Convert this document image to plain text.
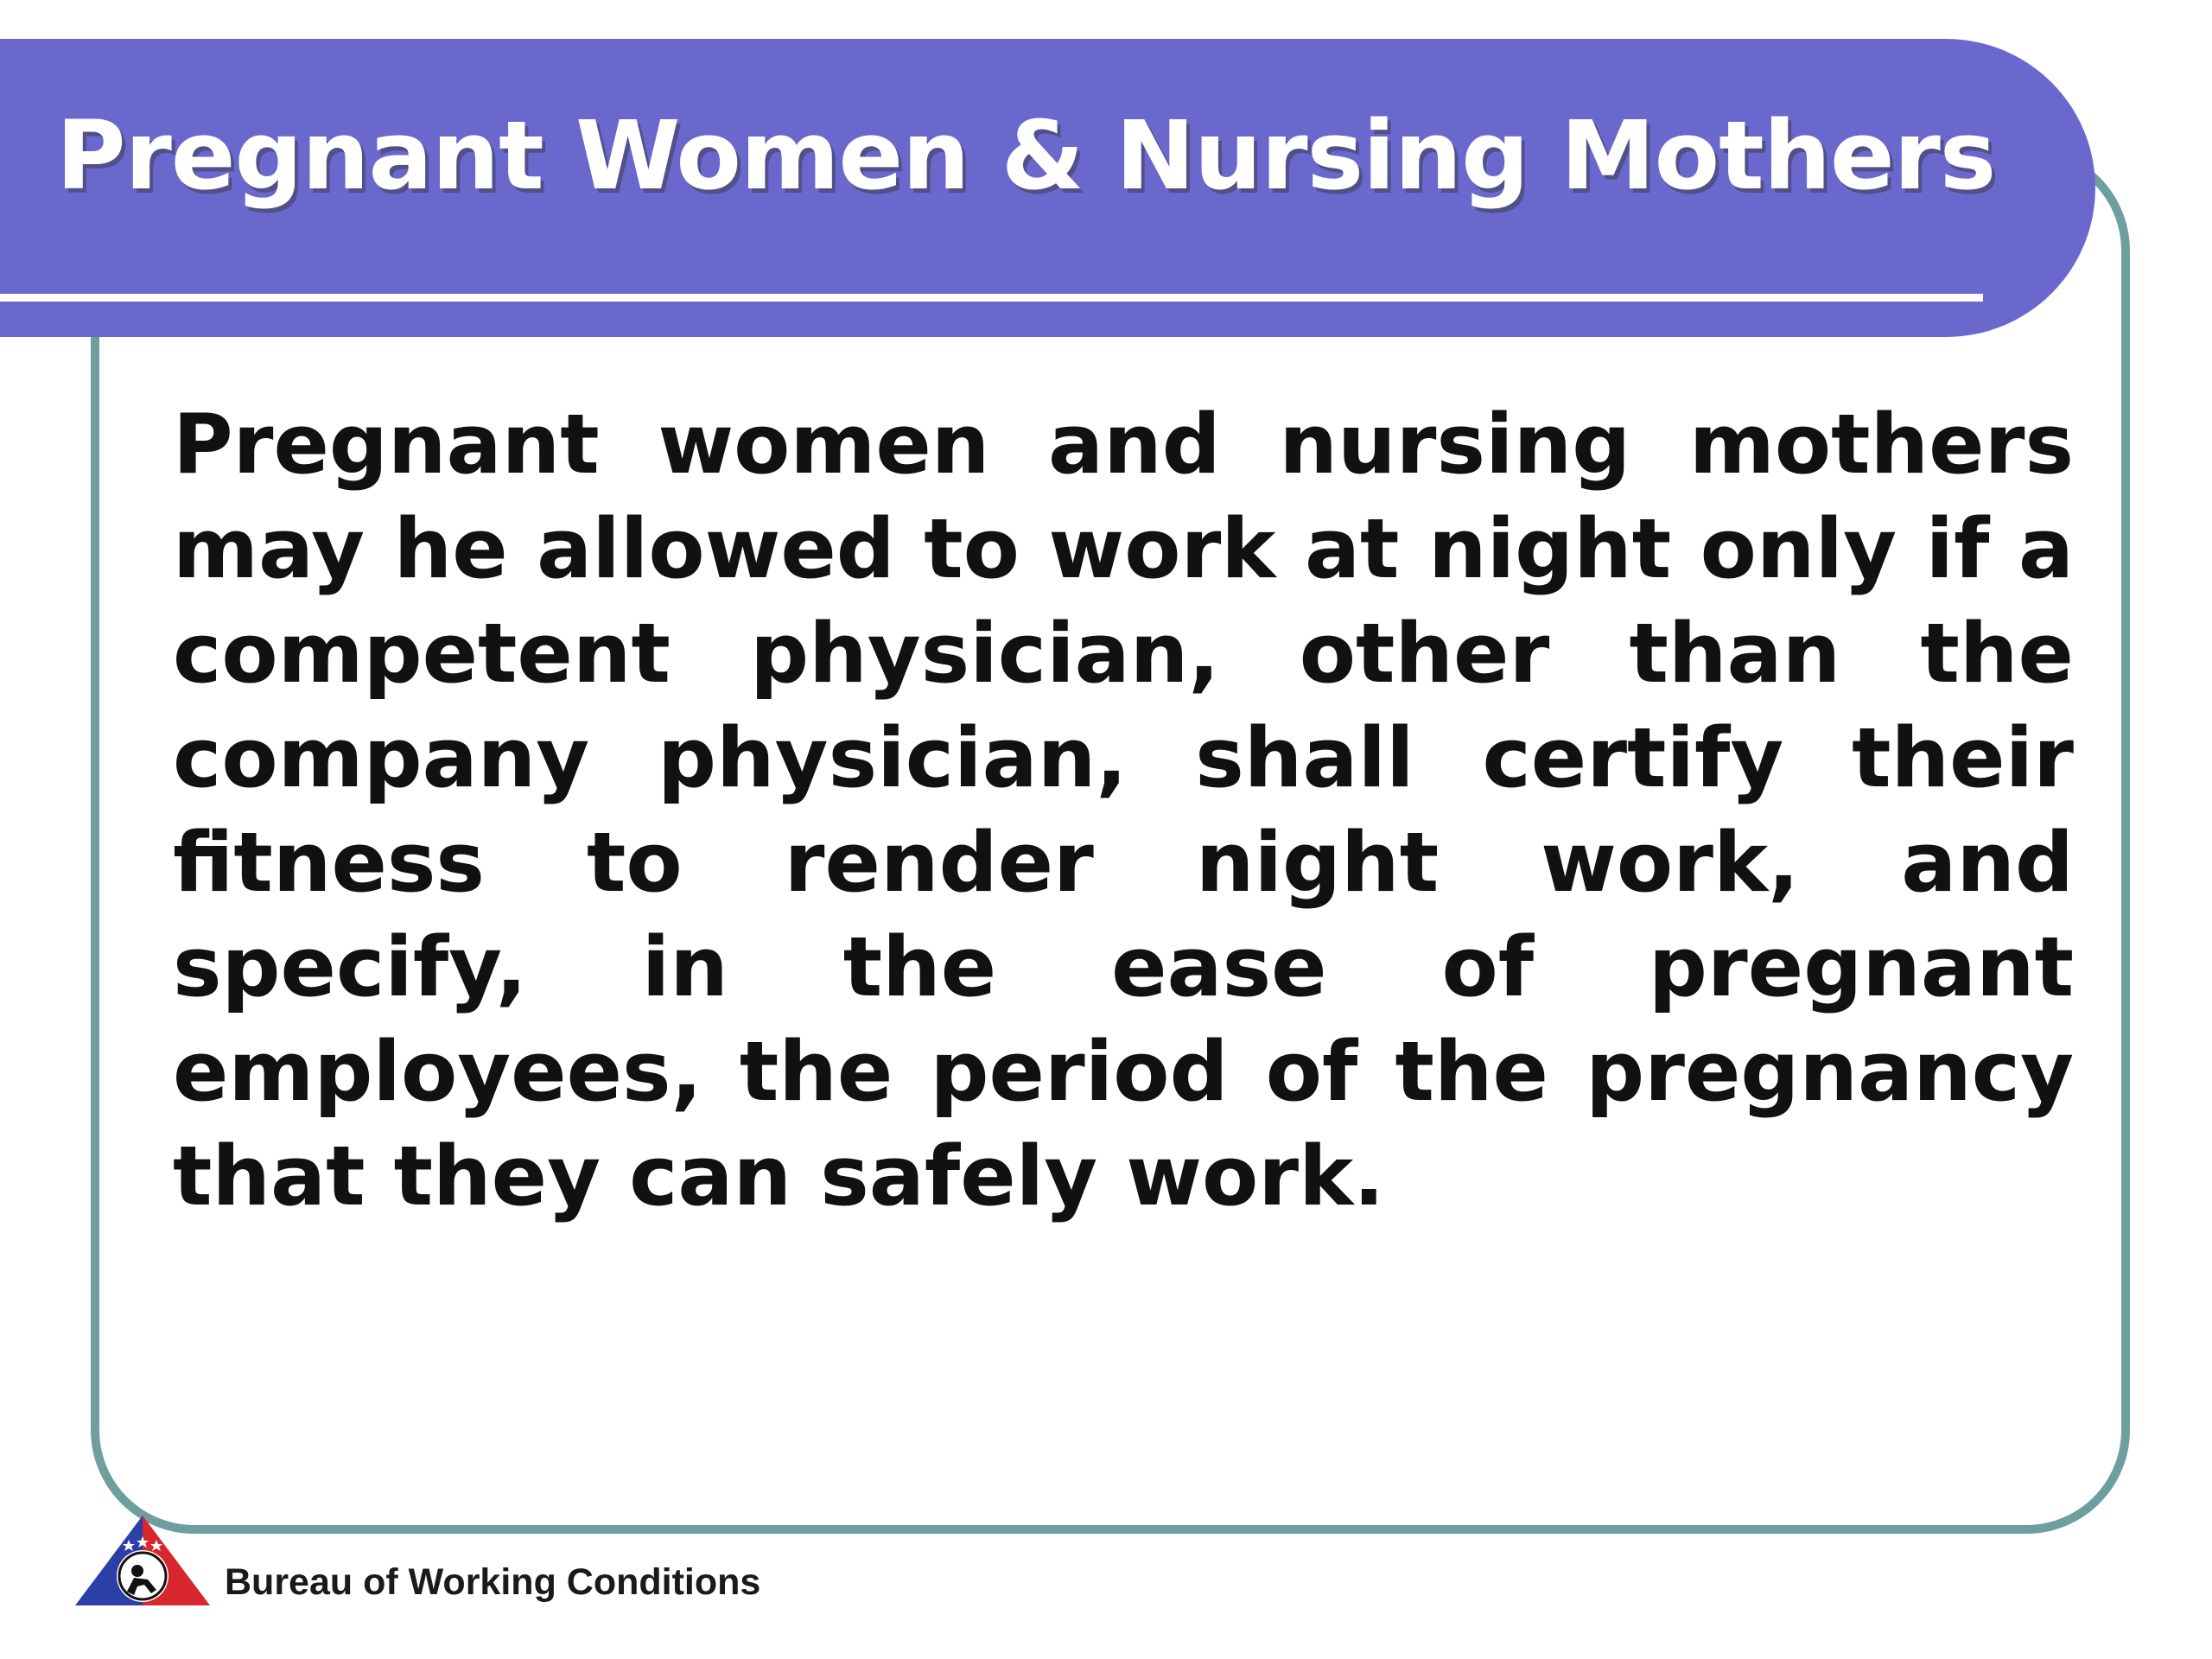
Pregnant Women & Nursing Mothers

Pregnant women and nursing mothers may he allowed to work at night only if a competent physician, other than the company physician, shall certify their fitness to render night work, and specify, in the ease of pregnant employees, the period of the pregnancy that they can safely work.

Bureau of Working Conditions
